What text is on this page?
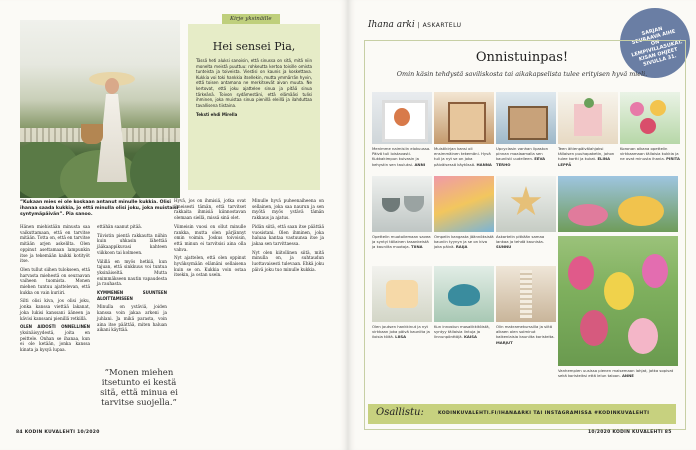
”Kukaan mies ei ole koskaan antanut minulle kukkia. Olisi ihanaa saada kukkia, jo että minulla olisi joku, joka muistaisi syntymäpäivän”. Pia sanoo.
Hei sensei Pia,
Tässä heti aluksi sanoisin, että sinussa on sitä, mitä niin monelta meistä puuttuu: rohkeutta kertoa toisille omista tunteista ja toiveista. Viestisi on kaunis ja koskettava. Kukkia voi toki hankkia itsellekin, mutta ymmärrän hyvin, että toisen antamana ne merkitsevät aivan muuta. Ne kertovat, että joku ajattelee sinua ja pitää sinua tärkeänä. Toivon sydämestäni, että elämääsi tulisi ihminen, joka muistaa sinua pienillä eleillä ja ilahduttaa tavallisena tiistaina.
Teksti ehdi Mirella
Kirje yksinäille

Hänen miehistään minusta saa vaikuttamaan, että en tarvitse mitään. Totta on, että en tarvitse mitään arjen askelilta. Olen oppinut asettamaan lampunkin itse ja tekemään kaikki kotityöt itse.

Olen tullut siihen tulokseen, että harvasta miehestä on seuraavan vaiheen tuomista. Monen miehen tuntuu ajattelevan, että kukka on vain kuriiri.

Silti olisi kiva, jos olisi joku, jonka kanssa viettää lakanat, joka lukisi kanssani ääneen ja kävisi kanssani pienillä retkillä.

OLEN AIDOSTI ONNELLINEN yksinäisyydestä, joita en peittele. Onhan se ihanaa, kun ei ole ketään, jonka kanssa kinata ja kysyä lupaa.

ettähän saanut pitää.

Tiivistin pientä rakkautta niihin kuin uhkasin lähettää jääkaappikuvasi kahteen viikkoon tai kolmeen.

Välillä en myös hetkiä, kun tajuan, että sinkkuus voi tuntua yksinäiseltä. Mutta enimmäkseen nautin vapaudesta ja rauhasta.

KYMMENEN SUUNTEEN ALOITTAMISEEN

Minulla on ystäviä, joiden kanssa voin jakaa arkeni ja juhlani. Ja mikä parasta, voin aina itse päättää, miten haluan aikani käyttää.

”Monen miehen itsetunto ei kestä sitä, että minua ei tarvitse suojella.”

Hyvä, jos on ihmisiä, jotka ovat ilmeisesti tämän, että tarvitset rakkaita ihmisiä kiinnostavan olemaan siellä, missä sinä olet.

Viimeisin vuosi on ollut minulle rankka, mutta olen pärjännyt omin voimin. Joskus toivoisin, että minun ei tarvitsisi aina olla vahva.

Nyt ajattelen, että olen oppinut hyväksymään elämäni sellaisena kuin se on. Kukkia voin ostaa itsekin, ja ostan usein.

Minulle hyvä puheenaiheena on sellainen, joka saa naurun ja sen myötä myös ystävä tämän rakkaus ja ajatus.

Pidän siitä, että saan itse päättää vuosistani. Olen ihminen, joka haluaa kantaa vastuunsa itse ja jakaa sen tarvittaessa.

Nyt olen kiitollinen siitä, mitä minulla on, ja suhtaudun luottavaisesti tulevaan. Ehkä joku päivä joku tuo minulle kukkia.

84 KODIN KUVALEHTI 10/2020
Ihana arki | ASKARTELU
SARJAN SEURAAVA AIHE ON LEMPIVILLASUKAT. KISAN OHJEET SIVULLA 31.
Onnistuinpas!
Omin käsin tehdystä saviliskosta tai aikakapselista tulee erityisen hyvä mieli.
Menimme naimisiin elokuussa. Päivä tuli loistavasti. Kukkakimpun kuivasin ja kehystin sen tauluksi. ANNI
Muistikirjan kansi oli ensimmäinen tekemäni. Hyvä tuli ja nyt se on joka päiväisessä käytössä. HANNA
Upcyclasin vanhan lipaston pinnan maalaamalla sen kauniisti uudelleen. EEVA TERHO
Teen äitienpäivälahjaksi tällaisen puuhapaketin, johon tulee kortti ja kukat. ELINA LEPPÄ
Koronan aikana opettelin virkkaamaan tällaisia kukkia ja ne ovat minusta ihania. PIRITA
Opettelin muotoilemaan savea ja syntyi tällainen tasankeistä ja kauniita muotoja. TIINA
Ompelin kangasta jäännöksistä kauniin tyynyn ja se on kiva joka päivä. RAIJA
Askartelin pitkään samaa lankaa ja tehdä kaunista. SUNNU
Olen joutsen hankkinut ja nyt virkkaan joka päivä kauniita ja iloisia töitä. LIISA
Kun innostun mosaiikkitöistä, syntyy tällaisia lintuja ja linnunpönttöjä. KAISA
Olin makramekurssilla ja siitä alkaen olen solminut kaikenlaisia kauniita koristeita. MARJUT
Vanhempien uusissa pienen maisemaan lahjat, jotka sopivat sekä koristeiksi että lelun taloon. ANNE
Osallistu:	KODINKUVALEHTI.FI/IHANAARKI TAI INSTAGRAMISSA #KODINKUVALEHTI
10/2020 KODIN KUVALEHTI 85
